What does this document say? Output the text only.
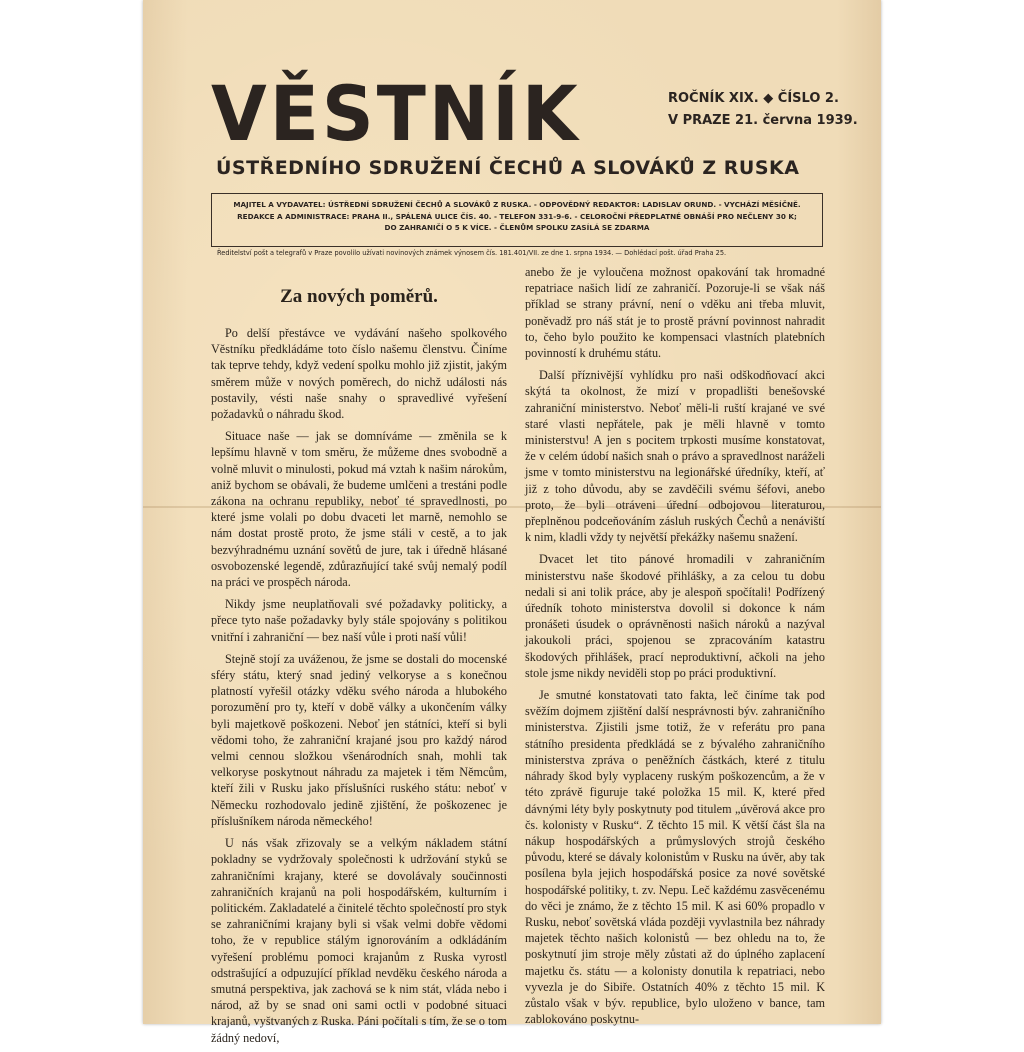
VĚSTNÍK	ROČNÍK XIX. ◆ ČÍSLO 2.
V PRAZE 21. června 1939.
ÚSTŘEDNÍHO SDRUŽENÍ ČECHŮ A SLOVÁKŮ Z RUSKA
MAJITEL A VYDAVATEL: ÚSTŘEDNÍ SDRUŽENÍ ČECHŮ A SLOVÁKŮ Z RUSKA. - ODPOVĚDNÝ REDAKTOR: LADISLAV ORUND. - VYCHÁZÍ MĚSÍČNĚ.
REDAKCE A ADMINISTRACE: PRAHA II., SPÁLENÁ ULICE ČÍS. 40. - TELEFON 331-9-6. - CELOROČNÍ PŘEDPLATNÉ OBNÁŠÍ PRO NEČLENY 30 K;
DO ZAHRANIČÍ O 5 K VÍCE. - ČLENŮM SPOLKU ZASÍLÁ SE ZDARMA
Ředitelství pošt a telegrafů v Praze povolilo užívati novinových známek výnosem čís. 181.401/VII. ze dne 1. srpna 1934. — Dohlédací pošt. úřad Praha 25.
Za nových poměrů.

Po delší přestávce ve vydávání našeho spolkového Věstníku předkládáme toto číslo našemu členstvu. Činíme tak teprve tehdy, když vedení spolku mohlo již zjistit, jakým směrem může v nových poměrech, do nichž události nás postavily, vésti naše snahy o spravedlivé vyřešení požadavků o náhradu škod.

Situace naše — jak se domníváme — změnila se k lepšímu hlavně v tom směru, že můžeme dnes svobodně a volně mluvit o minulosti, pokud má vztah k našim nárokům, aniž bychom se obávali, že budeme umlčeni a trestáni podle zákona na ochranu republiky, neboť té spravedlnosti, po které jsme volali po dobu dvaceti let marně, nemohlo se nám dostat prostě proto, že jsme stáli v cestě, a to jak bezvýhradnému uznání sovětů de jure, tak i úředně hlásané osvobozenské legendě, zdůrazňující také svůj nemalý podíl na práci ve prospěch národa.

Nikdy jsme neuplatňovali své požadavky politicky, a přece tyto naše požadavky byly stále spojovány s politikou vnitřní i zahraniční — bez naší vůle i proti naší vůli!

Stejně stojí za uváženou, že jsme se dostali do mocenské sféry státu, který snad jediný velkoryse a s konečnou platností vyřešil otázky vděku svého národa a hlubokého porozumění pro ty, kteří v době války a ukončením války byli majetkově poškozeni. Neboť jen státníci, kteří si byli vědomi toho, že zahraniční krajané jsou pro každý národ velmi cennou složkou všenárodních snah, mohli tak velkoryse poskytnout náhradu za majetek i těm Němcům, kteří žili v Rusku jako příslušníci ruského státu: neboť v Německu rozhodovalo jedině zjištění, že poškozenec je příslušníkem národa německého!

U nás však zřizovaly se a velkým nákladem státní pokladny se vydržovaly společnosti k udržování styků se zahraničními krajany, které se dovolávaly součinnosti zahraničních krajanů na poli hospodářském, kulturním i politickém. Zakladatelé a činitelé těchto společností pro styk se zahraničními krajany byli si však velmi dobře vědomi toho, že v republice stálým ignorováním a odkládáním vyřešení problému pomoci krajanům z Ruska vyrostl odstrašující a odpuzující příklad nevděku českého národa a smutná perspektiva, jak zachová se k nim stát, vláda nebo i národ, až by se snad oni sami octli v podobné situaci krajanů, vyštvaných z Ruska. Páni počítali s tím, že se o tom žádný nedoví,

anebo že je vyloučena možnost opakování tak hromadné repatriace našich lidí ze zahraničí. Pozoruje-li se však náš příklad se strany právní, není o vděku ani třeba mluvit, poněvadž pro náš stát je to prostě právní povinnost nahradit to, čeho bylo použito ke kompensaci vlastních platebních povinností k druhému státu.

Další příznivější vyhlídku pro naši odškodňovací akci skýtá ta okolnost, že mizí v propadlišti benešovské zahraniční ministerstvo. Neboť měli-li ruští krajané ve své staré vlasti nepřátele, pak je měli hlavně v tomto ministerstvu! A jen s pocitem trpkosti musíme konstatovat, že v celém údobí našich snah o právo a spravedlnost naráželi jsme v tomto ministerstvu na legionářské úředníky, kteří, ať již z toho důvodu, aby se zavděčili svému šéfovi, anebo proto, že byli otráveni úřední odbojovou literaturou, přeplněnou podceňováním zásluh ruských Čechů a nenáviští k nim, kladli vždy ty největší překážky našemu snažení.

Dvacet let tito pánové hromadili v zahraničním ministerstvu naše škodové přihlášky, a za celou tu dobu nedali si ani tolik práce, aby je alespoň spočítali! Podřízený úředník tohoto ministerstva dovolil si dokonce k nám pronášeti úsudek o oprávněnosti našich nároků a nazýval jakoukoli práci, spojenou se zpracováním katastru škodových přihlášek, prací neproduktivní, ačkoli na jeho stole jsme nikdy neviděli stop po práci produktivní.

Je smutné konstatovati tato fakta, leč činíme tak pod svěžím dojmem zjištění další nesprávnosti býv. zahraničního ministerstva. Zjistili jsme totiž, že v referátu pro pana státního presidenta předkládá se z bývalého zahraničního ministerstva zpráva o peněžních částkách, které z titulu náhrady škod byly vyplaceny ruským poškozencům, a že v této zprávě figuruje také položka 15 mil. K, které před dávnými léty byly poskytnuty pod titulem „úvěrová akce pro čs. kolonisty v Rusku“. Z těchto 15 mil. K větší část šla na nákup hospodářských a průmyslových strojů českého původu, které se dávaly kolonistům v Rusku na úvěr, aby tak posílena byla jejich hospodářská posice za nové sovětské hospodářské politiky, t. zv. Nepu. Leč každému zasvěcenému do věci je známo, že z těchto 15 mil. K asi 60% propadlo v Rusku, neboť sovětská vláda později vyvlastnila bez náhrady majetek těchto našich kolonistů — bez ohledu na to, že poskytnutí jim stroje měly zůstati až do úplného zaplacení majetku čs. státu — a kolonisty donutila k repatriaci, nebo vyvezla je do Sibiře. Ostatních 40% z těchto 15 mil. K zůstalo však v býv. republice, bylo uloženo v bance, tam zablokováno poskytnu-
